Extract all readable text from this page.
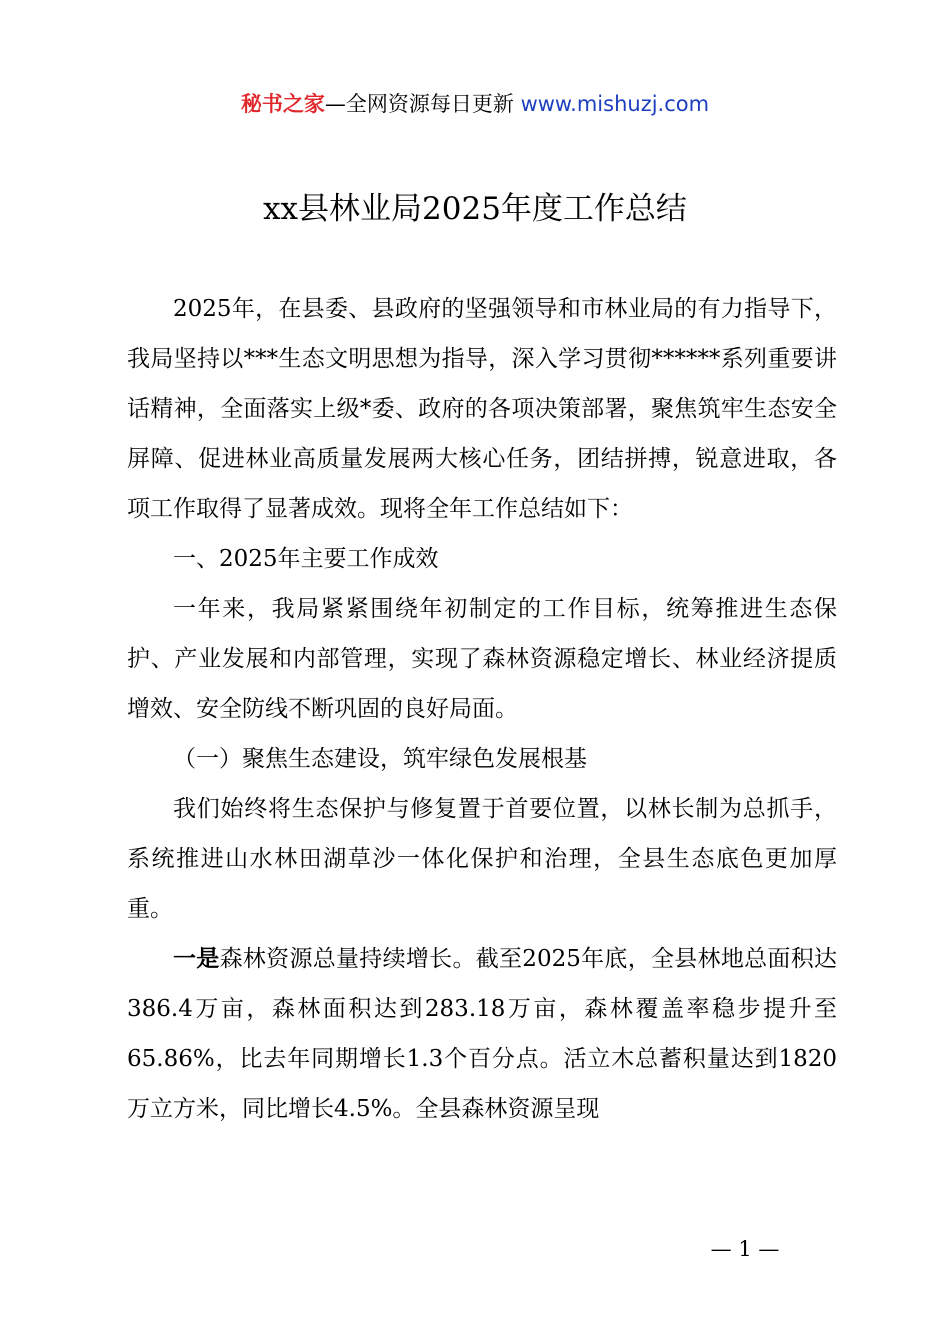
秘书之家—全网资源每日更新 www.mishuzj.com
xx县林业局2025年度工作总结

2025年，在县委、县政府的坚强领导和市林业局的有力指导下，我局坚持以***生态文明思想为指导，深入学习贯彻******系列重要讲话精神，全面落实上级*委、政府的各项决策部署，聚焦筑牢生态安全屏障、促进林业高质量发展两大核心任务，团结拼搏，锐意进取，各项工作取得了显著成效。现将全年工作总结如下：

一、2025年主要工作成效

一年来，我局紧紧围绕年初制定的工作目标，统筹推进生态保护、产业发展和内部管理，实现了森林资源稳定增长、林业经济提质增效、安全防线不断巩固的良好局面。

（一）聚焦生态建设，筑牢绿色发展根基

我们始终将生态保护与修复置于首要位置，以林长制为总抓手，系统推进山水林田湖草沙一体化保护和治理，全县生态底色更加厚重。

一是森林资源总量持续增长。截至2025年底，全县林地总面积达386.4万亩，森林面积达到283.18万亩，森林覆盖率稳步提升至65.86%，比去年同期增长1.3个百分点。活立木总蓄积量达到1820万立方米，同比增长4.5%。全县森林资源呈现

— 1 —
